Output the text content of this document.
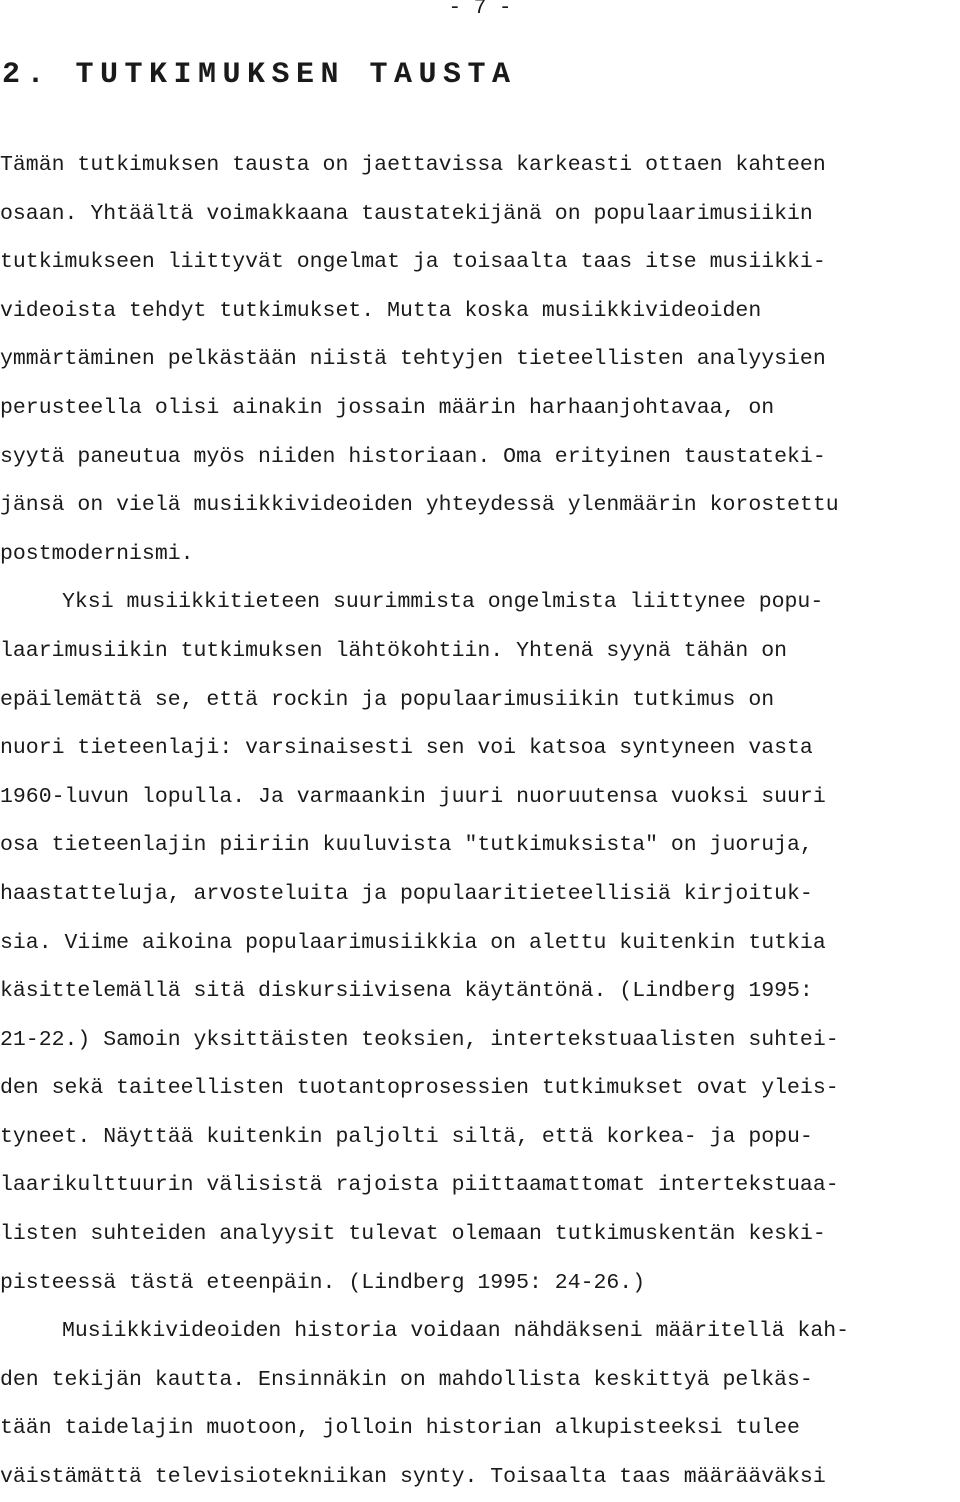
- 7 -
2. TUTKIMUKSEN TAUSTA
Tämän tutkimuksen tausta on jaettavissa karkeasti ottaen kahteen
osaan. Yhtäältä voimakkaana taustatekijänä on populaarimusiikin
tutkimukseen liittyvät ongelmat ja toisaalta taas itse musiikki-
videoista tehdyt tutkimukset. Mutta koska musiikkivideoiden
ymmärtäminen pelkästään niistä tehtyjen tieteellisten analyysien
perusteella olisi ainakin jossain määrin harhaanjohtavaa, on
syytä paneutua myös niiden historiaan. Oma erityinen taustateki-
jänsä on vielä musiikkivideoiden yhteydessä ylenmäärin korostettu
postmodernismi.
Yksi musiikkitieteen suurimmista ongelmista liittynee popu-
laarimusiikin tutkimuksen lähtökohtiin. Yhtenä syynä tähän on
epäilemättä se, että rockin ja populaarimusiikin tutkimus on
nuori tieteenlaji: varsinaisesti sen voi katsoa syntyneen vasta
1960-luvun lopulla. Ja varmaankin juuri nuoruutensa vuoksi suuri
osa tieteenlajin piiriin kuuluvista "tutkimuksista" on juoruja,
haastatteluja, arvosteluita ja populaaritieteellisiä kirjoituk-
sia. Viime aikoina populaarimusiikkia on alettu kuitenkin tutkia
käsittelemällä sitä diskursiivisena käytäntönä. (Lindberg 1995:
21-22.) Samoin yksittäisten teoksien, intertekstuaalisten suhtei-
den sekä taiteellisten tuotantoprosessien tutkimukset ovat yleis-
tyneet. Näyttää kuitenkin paljolti siltä, että korkea- ja popu-
laarikulttuurin välisistä rajoista piittaamattomat intertekstuaa-
listen suhteiden analyysit tulevat olemaan tutkimuskentän keski-
pisteessä tästä eteenpäin. (Lindberg 1995: 24-26.)
Musiikkivideoiden historia voidaan nähdäkseni määritellä kah-
den tekijän kautta. Ensinnäkin on mahdollista keskittyä pelkäs-
tään taidelajin muotoon, jolloin historian alkupisteeksi tulee
väistämättä televisiotekniikan synty. Toisaalta taas määrääväksi
